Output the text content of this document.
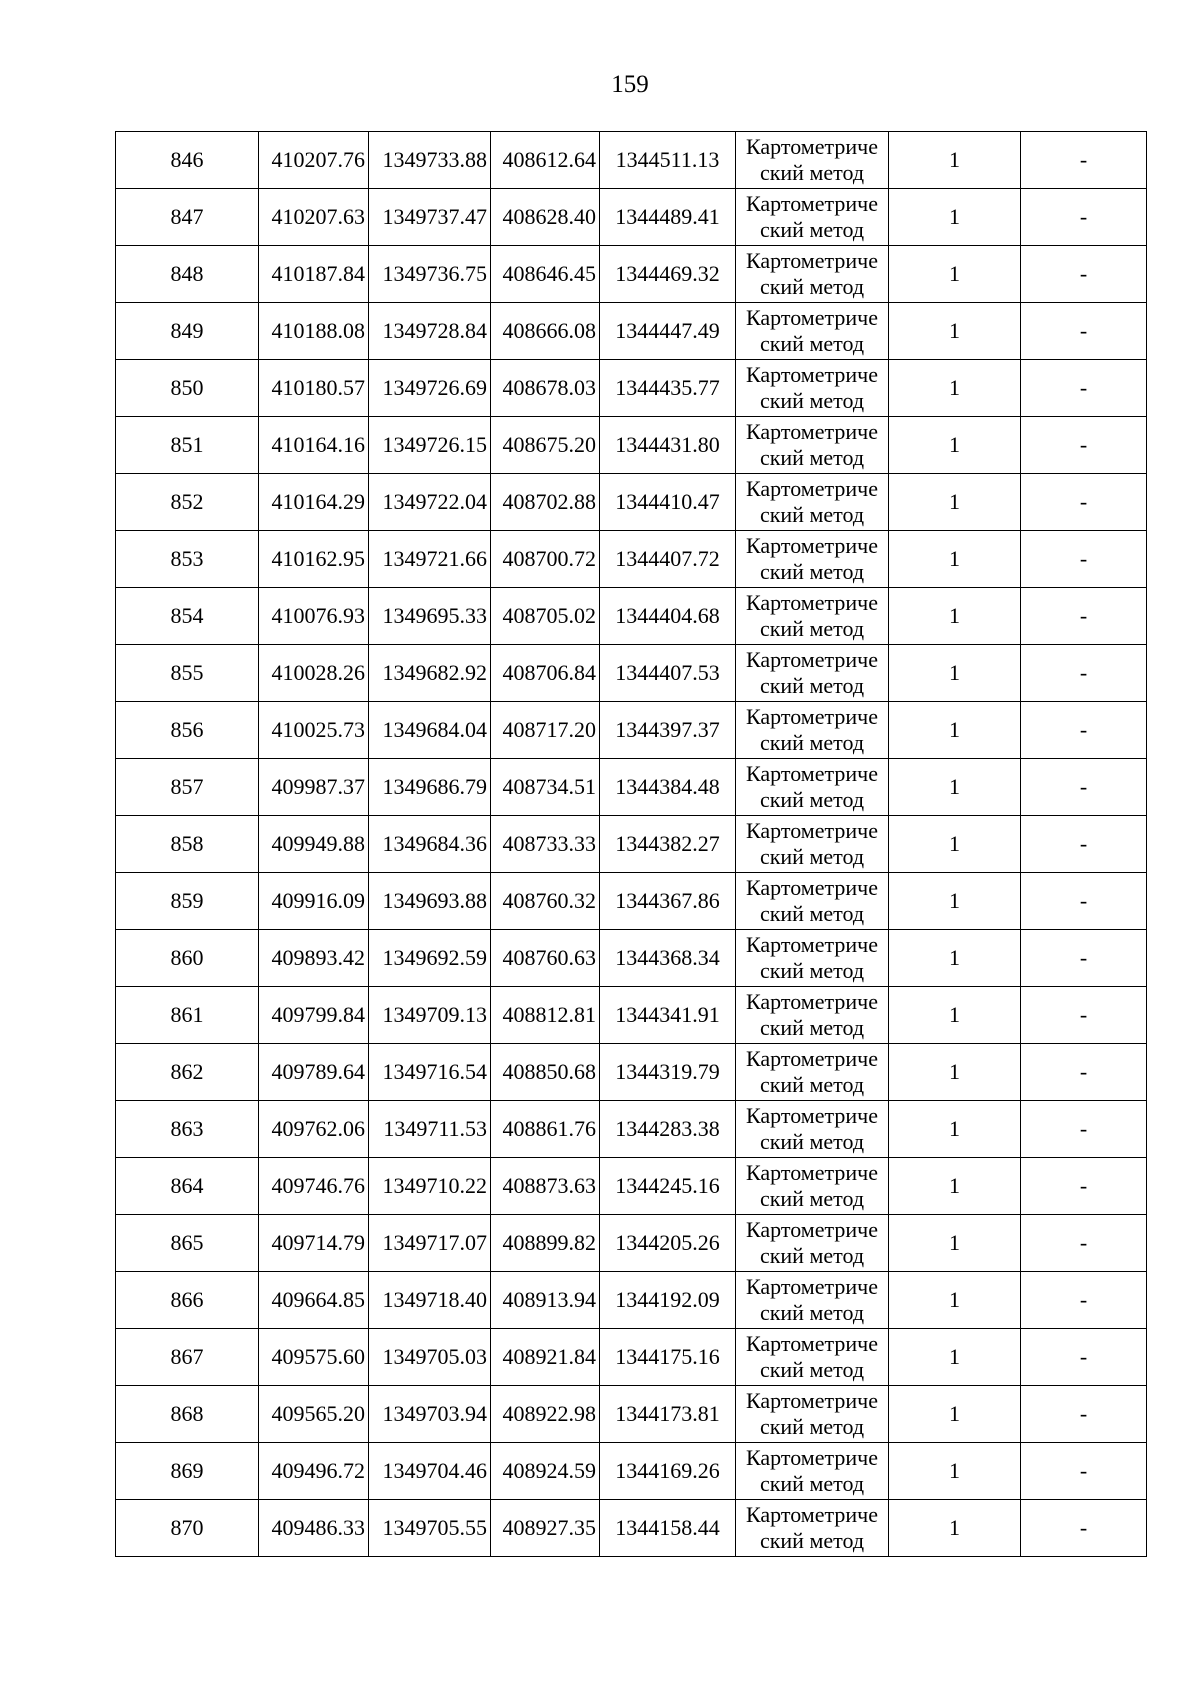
159
846	410207.76	1349733.88	408612.64	1344511.13	Картометриче
ский метод	1	-
847	410207.63	1349737.47	408628.40	1344489.41	Картометриче
ский метод	1	-
848	410187.84	1349736.75	408646.45	1344469.32	Картометриче
ский метод	1	-
849	410188.08	1349728.84	408666.08	1344447.49	Картометриче
ский метод	1	-
850	410180.57	1349726.69	408678.03	1344435.77	Картометриче
ский метод	1	-
851	410164.16	1349726.15	408675.20	1344431.80	Картометриче
ский метод	1	-
852	410164.29	1349722.04	408702.88	1344410.47	Картометриче
ский метод	1	-
853	410162.95	1349721.66	408700.72	1344407.72	Картометриче
ский метод	1	-
854	410076.93	1349695.33	408705.02	1344404.68	Картометриче
ский метод	1	-
855	410028.26	1349682.92	408706.84	1344407.53	Картометриче
ский метод	1	-
856	410025.73	1349684.04	408717.20	1344397.37	Картометриче
ский метод	1	-
857	409987.37	1349686.79	408734.51	1344384.48	Картометриче
ский метод	1	-
858	409949.88	1349684.36	408733.33	1344382.27	Картометриче
ский метод	1	-
859	409916.09	1349693.88	408760.32	1344367.86	Картометриче
ский метод	1	-
860	409893.42	1349692.59	408760.63	1344368.34	Картометриче
ский метод	1	-
861	409799.84	1349709.13	408812.81	1344341.91	Картометриче
ский метод	1	-
862	409789.64	1349716.54	408850.68	1344319.79	Картометриче
ский метод	1	-
863	409762.06	1349711.53	408861.76	1344283.38	Картометриче
ский метод	1	-
864	409746.76	1349710.22	408873.63	1344245.16	Картометриче
ский метод	1	-
865	409714.79	1349717.07	408899.82	1344205.26	Картометриче
ский метод	1	-
866	409664.85	1349718.40	408913.94	1344192.09	Картометриче
ский метод	1	-
867	409575.60	1349705.03	408921.84	1344175.16	Картометриче
ский метод	1	-
868	409565.20	1349703.94	408922.98	1344173.81	Картометриче
ский метод	1	-
869	409496.72	1349704.46	408924.59	1344169.26	Картометриче
ский метод	1	-
870	409486.33	1349705.55	408927.35	1344158.44	Картометриче
ский метод	1	-
